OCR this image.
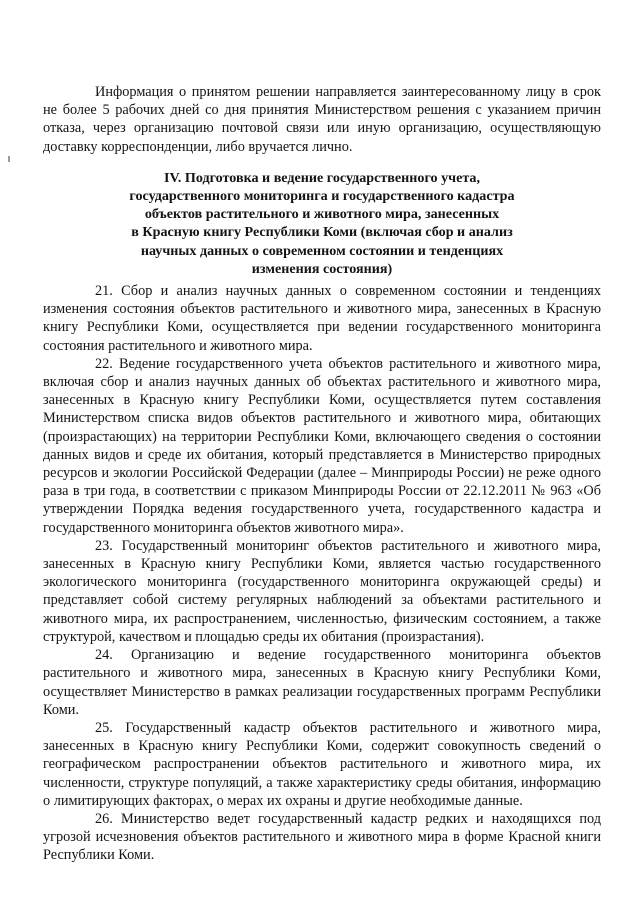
Информация о принятом решении направляется заинтересованному лицу в срок не более 5 рабочих дней со дня принятия Министерством решения с указанием причин отказа, через организацию почтовой связи или иную организацию, осуществляющую доставку корреспонденции, либо вручается лично.

IV. Подготовка и ведение государственного учета,
государственного мониторинга и государственного кадастра
объектов растительного и животного мира, занесенных
в Красную книгу Республики Коми (включая сбор и анализ
научных данных о современном состоянии и тенденциях
изменения состояния)

21. Сбор и анализ научных данных о современном состоянии и тенденциях изменения состояния объектов растительного и животного мира, занесенных в Красную книгу Республики Коми, осуществляется при ведении государственного мониторинга состояния растительного и животного мира.

22. Ведение государственного учета объектов растительного и животного мира, включая сбор и анализ научных данных об объектах растительного и животного мира, занесенных в Красную книгу Республики Коми, осуществляется путем составления Министерством списка видов объектов растительного и животного мира, обитающих (произрастающих) на территории Республики Коми, включающего сведения о состоянии данных видов и среде их обитания, который представляется в Министерство природных ресурсов и экологии Российской Федерации (далее – Минприроды России) не реже одного раза в три года, в соответствии с приказом Минприроды России от 22.12.2011 № 963 «Об утверждении Порядка ведения государственного учета, государственного кадастра и государственного мониторинга объектов животного мира».

23. Государственный мониторинг объектов растительного и животного мира, занесенных в Красную книгу Республики Коми, является частью государственного экологического мониторинга (государственного мониторинга окружающей среды) и представляет собой систему регулярных наблюдений за объектами растительного и животного мира, их распространением, численностью, физическим состоянием, а также структурой, качеством и площадью среды их обитания (произрастания).

24. Организацию и ведение государственного мониторинга объектов растительного и животного мира, занесенных в Красную книгу Республики Коми, осуществляет Министерство в рамках реализации государственных программ Республики Коми.

25. Государственный кадастр объектов растительного и животного мира, занесенных в Красную книгу Республики Коми, содержит совокупность сведений о географическом распространении объектов растительного и животного мира, их численности, структуре популяций, а также характеристику среды обитания, информацию о лимитирующих факторах, о мерах их охраны и другие необходимые данные.

26. Министерство ведет государственный кадастр редких и находящихся под угрозой исчезновения объектов растительного и животного мира в форме Красной книги Республики Коми.
